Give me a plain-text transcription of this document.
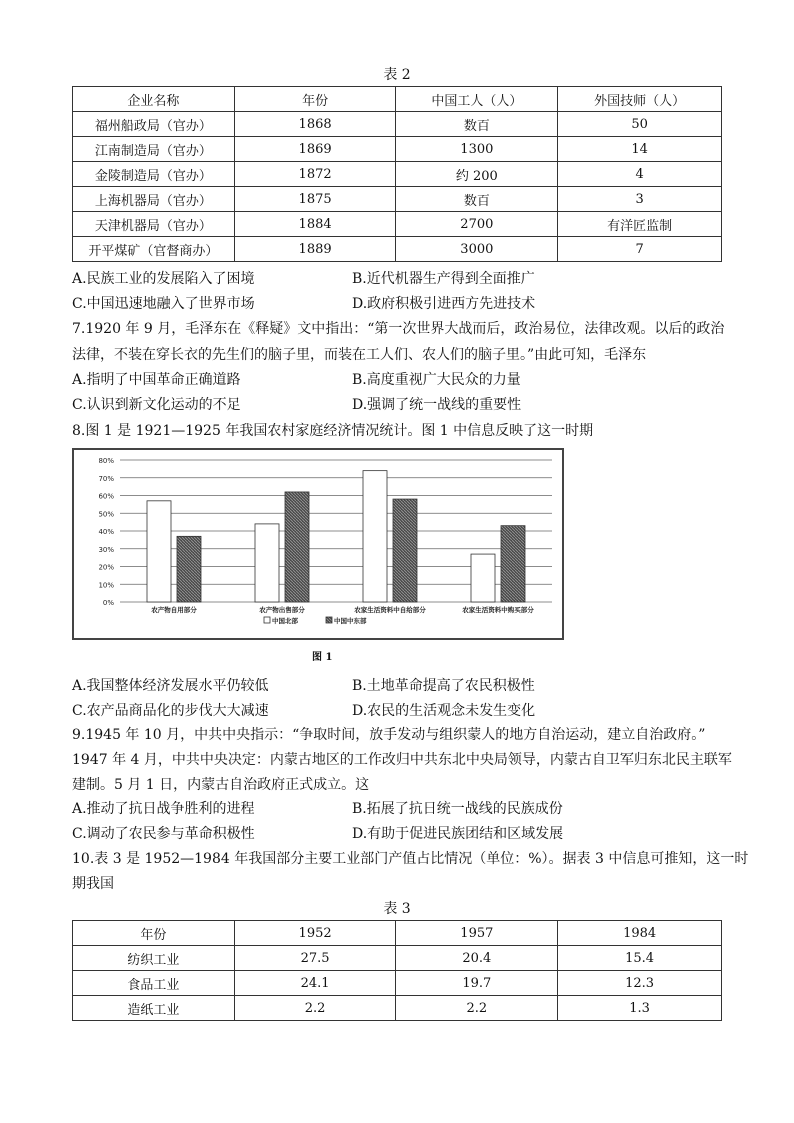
表 2
企业名称	年份	中国工人（人）	外国技师（人）
福州船政局（官办）	1868	数百	50
江南制造局（官办）	1869	1300	14
金陵制造局（官办）	1872	约 200	4
上海机器局（官办）	1875	数百	3
天津机器局（官办）	1884	2700	有洋匠监制
开平煤矿（官督商办）	1889	3000	7
A.民族工业的发展陷入了困境	B.近代机器生产得到全面推广
C.中国迅速地融入了世界市场	D.政府积极引进西方先进技术
7.1920 年 9 月，毛泽东在《释疑》文中指出：“第一次世界大战而后，政治易位，法律改观。以后的政治
法律，不装在穿长衣的先生们的脑子里，而装在工人们、农人们的脑子里。”由此可知，毛泽东
A.指明了中国革命正确道路	B.高度重视广大民众的力量
C.认识到新文化运动的不足	D.强调了统一战线的重要性
8.图 1 是 1921—1925 年我国农村家庭经济情况统计。图 1 中信息反映了这一时期
0%
10%
20%
30%
40%
50%
60%
70%
80%
农产物自用部分	农产物出售部分	农家生活资料中自给部分	农家生活资料中购买部分
中国北部	中国中东部
图 1
A.我国整体经济发展水平仍较低	B.土地革命提高了农民积极性
C.农产品商品化的步伐大大减速	D.农民的生活观念未发生变化
9.1945 年 10 月，中共中央指示：“争取时间，放手发动与组织蒙人的地方自治运动，建立自治政府。”
1947 年 4 月，中共中央决定：内蒙古地区的工作改归中共东北中央局领导，内蒙古自卫军归东北民主联军
建制。5 月 1 日，内蒙古自治政府正式成立。这
A.推动了抗日战争胜利的进程	B.拓展了抗日统一战线的民族成份
C.调动了农民参与革命积极性	D.有助于促进民族团结和区域发展
10.表 3 是 1952—1984 年我国部分主要工业部门产值占比情况（单位：%）。据表 3 中信息可推知，这一时
期我国
表 3
年份	1952	1957	1984
纺织工业	27.5	20.4	15.4
食品工业	24.1	19.7	12.3
造纸工业	2.2	2.2	1.3
